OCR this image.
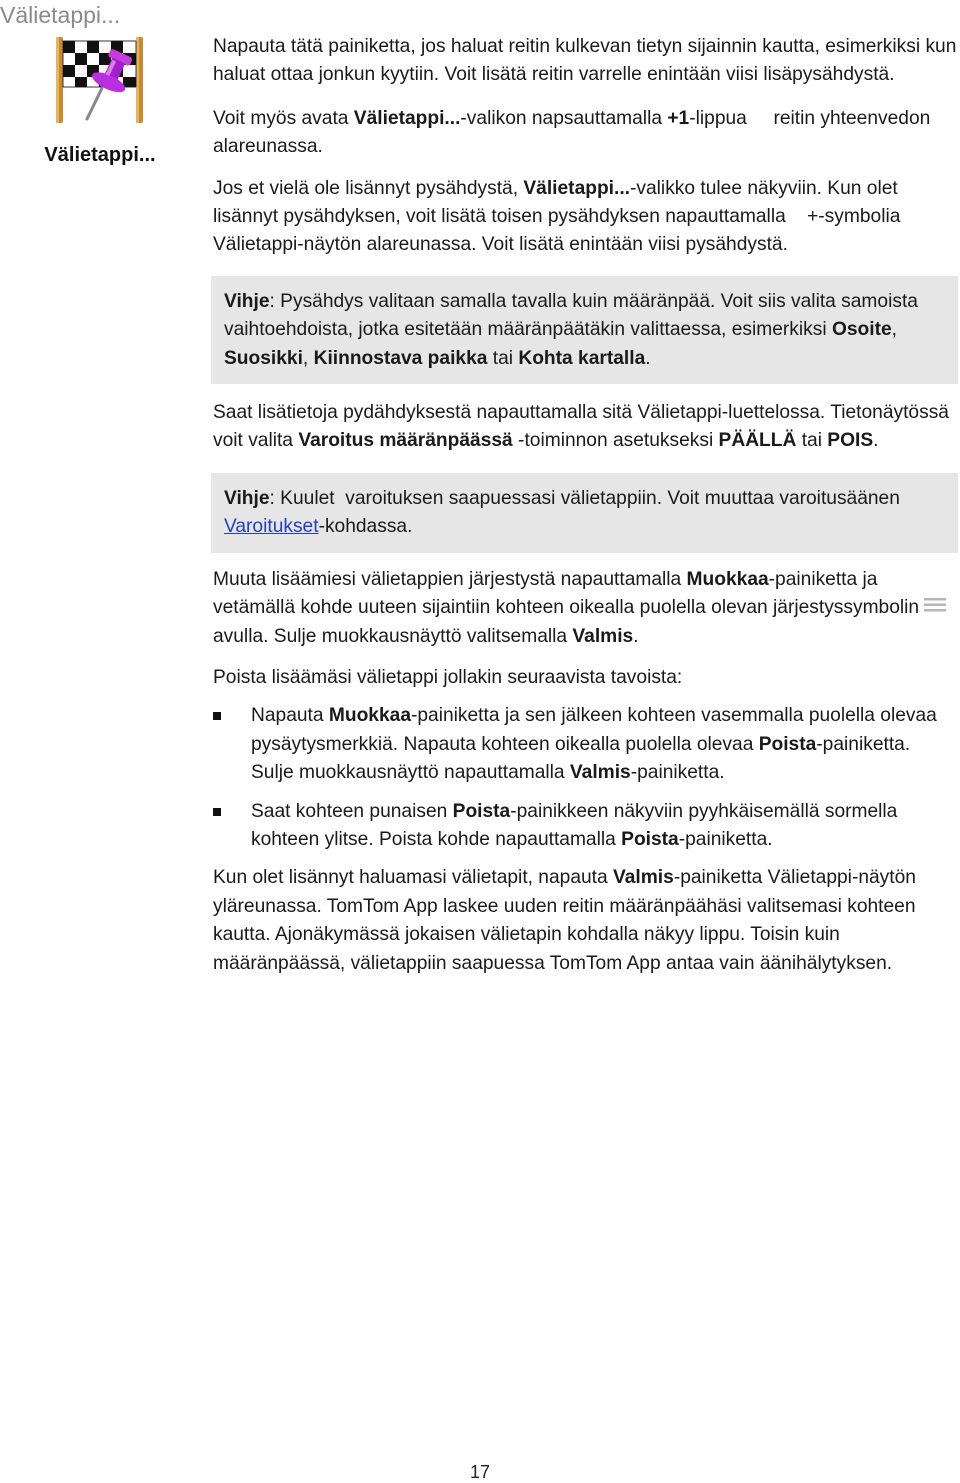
Välietappi...
Välietappi...

Napauta tätä painiketta, jos haluat reitin kulkevan tietyn sijainnin kautta, esimerkiksi kun haluat ottaa jonkun kyytiin. Voit lisätä reitin varrelle enintään viisi lisäpysähdystä.

Voit myös avata Välietappi...-valikon napsauttamalla +1-lippua     reitin yhteenvedon alareunassa.

Jos et vielä ole lisännyt pysähdystä, Välietappi...-valikko tulee näkyviin. Kun olet lisännyt pysähdyksen, voit lisätä toisen pysähdyksen napauttamalla    +-symbolia Välietappi-näytön alareunassa. Voit lisätä enintään viisi pysähdystä.

Vihje: Pysähdys valitaan samalla tavalla kuin määränpää. Voit siis valita samoista vaihtoehdoista, jotka esitetään määränpäätäkin valittaessa, esimerkiksi Osoite, Suosikki, Kiinnostava paikka tai Kohta kartalla.

Saat lisätietoja pydähdyksestä napauttamalla sitä Välietappi-luettelossa. Tietonäytössä voit valita Varoitus määränpäässä -toiminnon asetukseksi PÄÄLLÄ tai POIS.

Vihje: Kuulet  varoituksen saapuessasi välietappiin. Voit muuttaa varoitusäänen Varoitukset-kohdassa.

Muuta lisäämiesi välietappien järjestystä napauttamalla Muokkaa-painiketta ja vetämällä kohde uuteen sijaintiin kohteen oikealla puolella olevan järjestyssymbolinavulla. Sulje muokkausnäyttö valitsemalla Valmis.

Poista lisäämäsi välietappi jollakin seuraavista tavoista:

Napauta Muokkaa-painiketta ja sen jälkeen kohteen vasemmalla puolella olevaa pysäytysmerkkiä. Napauta kohteen oikealla puolella olevaa Poista-painiketta.  Sulje muokkausnäyttö napauttamalla Valmis-painiketta.
Saat kohteen punaisen Poista-painikkeen näkyviin pyyhkäisemällä sormella kohteen ylitse. Poista kohde napauttamalla Poista-painiketta.

Kun olet lisännyt haluamasi välietapit, napauta Valmis-painiketta Välietappi-näytön yläreunassa. TomTom App laskee uuden reitin määränpäähäsi valitsemasi kohteen kautta. Ajonäkymässä jokaisen välietapin kohdalla näkyy lippu. Toisin kuin määränpäässä, välietappiin saapuessa TomTom App antaa vain äänihälytyksen.

17
